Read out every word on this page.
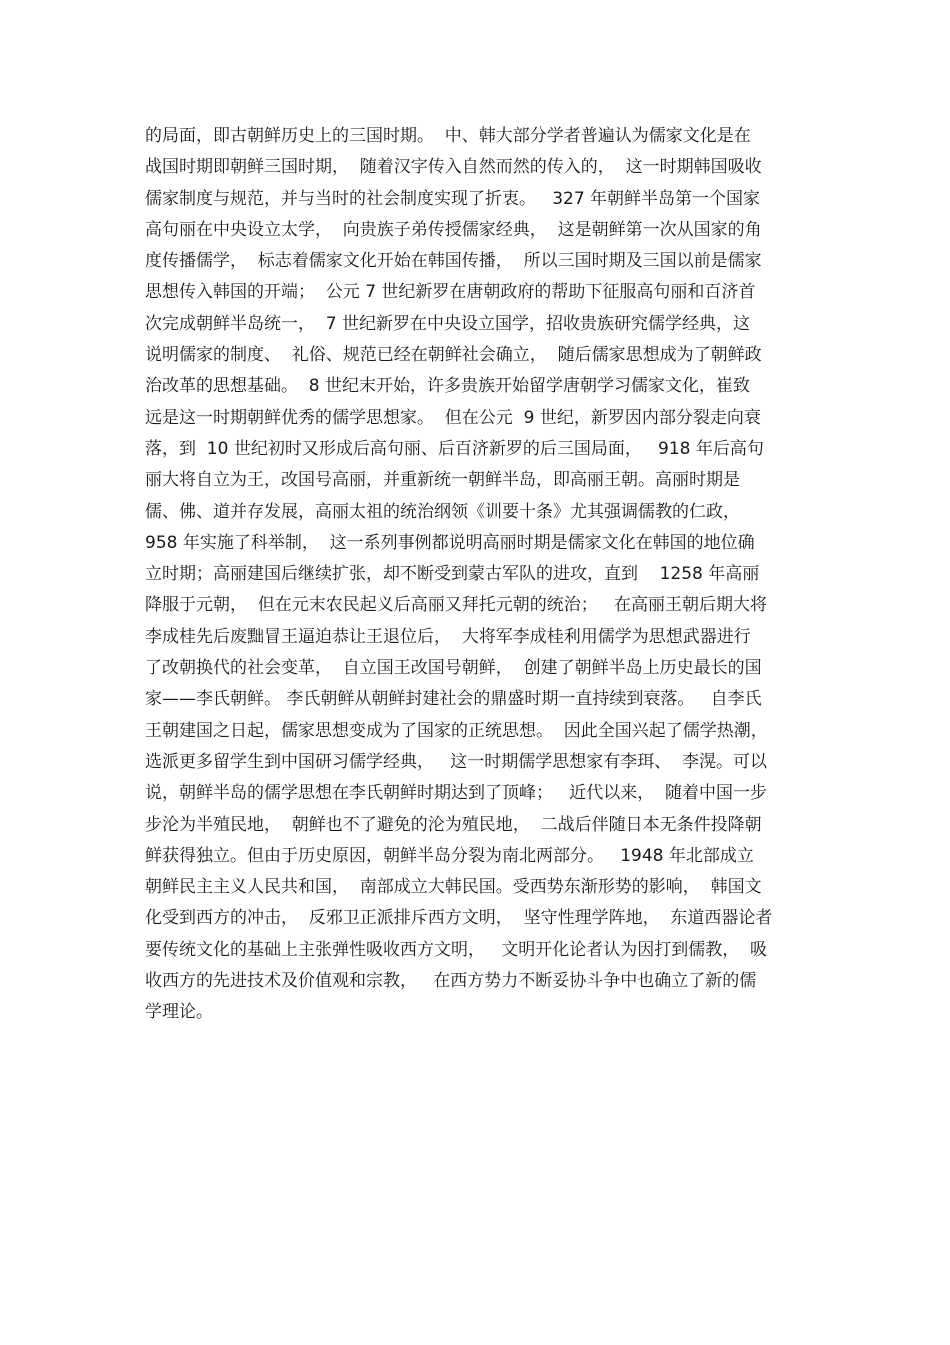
的局面，即古朝鲜历史上的三国时期。  中、韩大部分学者普遍认为儒家文化是在
战国时期即朝鲜三国时期，  随着汉字传入自然而然的传入的，  这一时期韩国吸收
儒家制度与规范，并与当时的社会制度实现了折衷。   327 年朝鲜半岛第一个国家
高句丽在中央设立太学，  向贵族子弟传授儒家经典，  这是朝鲜第一次从国家的角
度传播儒学，  标志着儒家文化开始在韩国传播，  所以三国时期及三国以前是儒家
思想传入韩国的开端；  公元 7 世纪新罗在唐朝政府的帮助下征服高句丽和百济首
次完成朝鲜半岛统一，  7 世纪新罗在中央设立国学，招收贵族研究儒学经典，这
说明儒家的制度、  礼俗、规范已经在朝鲜社会确立，  随后儒家思想成为了朝鲜政
治改革的思想基础。  8 世纪末开始，许多贵族开始留学唐朝学习儒家文化，崔致
远是这一时期朝鲜优秀的儒学思想家。  但在公元  9 世纪，新罗因内部分裂走向衰
落，到  10 世纪初时又形成后高句丽、后百济新罗的后三国局面，   918 年后高句
丽大将自立为王，改国号高丽，并重新统一朝鲜半岛，即高丽王朝。高丽时期是
儒、佛、道并存发展，高丽太祖的统治纲领《训要十条》尤其强调儒教的仁政，
958 年实施了科举制，  这一系列事例都说明高丽时期是儒家文化在韩国的地位确
立时期；高丽建国后继续扩张，却不断受到蒙古军队的进攻，直到    1258 年高丽
降服于元朝，  但在元末农民起义后高丽又拜托元朝的统治；   在高丽王朝后期大将
李成桂先后废黜冒王逼迫恭让王退位后，  大将军李成桂利用儒学为思想武器进行
了改朝换代的社会变革，  自立国王改国号朝鲜，  创建了朝鲜半岛上历史最长的国
家——李氏朝鲜。 李氏朝鲜从朝鲜封建社会的鼎盛时期一直持续到衰落。   自李氏
王朝建国之日起，儒家思想变成为了国家的正统思想。  因此全国兴起了儒学热潮，
选派更多留学生到中国研习儒学经典，   这一时期儒学思想家有李珥、  李滉。可以
说，朝鲜半岛的儒学思想在李氏朝鲜时期达到了顶峰；   近代以来，  随着中国一步
步沦为半殖民地，  朝鲜也不了避免的沦为殖民地，  二战后伴随日本无条件投降朝
鲜获得独立。但由于历史原因，朝鲜半岛分裂为南北两部分。   1948 年北部成立
朝鲜民主主义人民共和国，  南部成立大韩民国。受西势东渐形势的影响，  韩国文
化受到西方的冲击，  反邪卫正派排斥西方文明，  坚守性理学阵地，  东道西器论者
要传统文化的基础上主张弹性吸收西方文明，   文明开化论者认为因打到儒教，  吸
收西方的先进技术及价值观和宗教，   在西方势力不断妥协斗争中也确立了新的儒
学理论。
